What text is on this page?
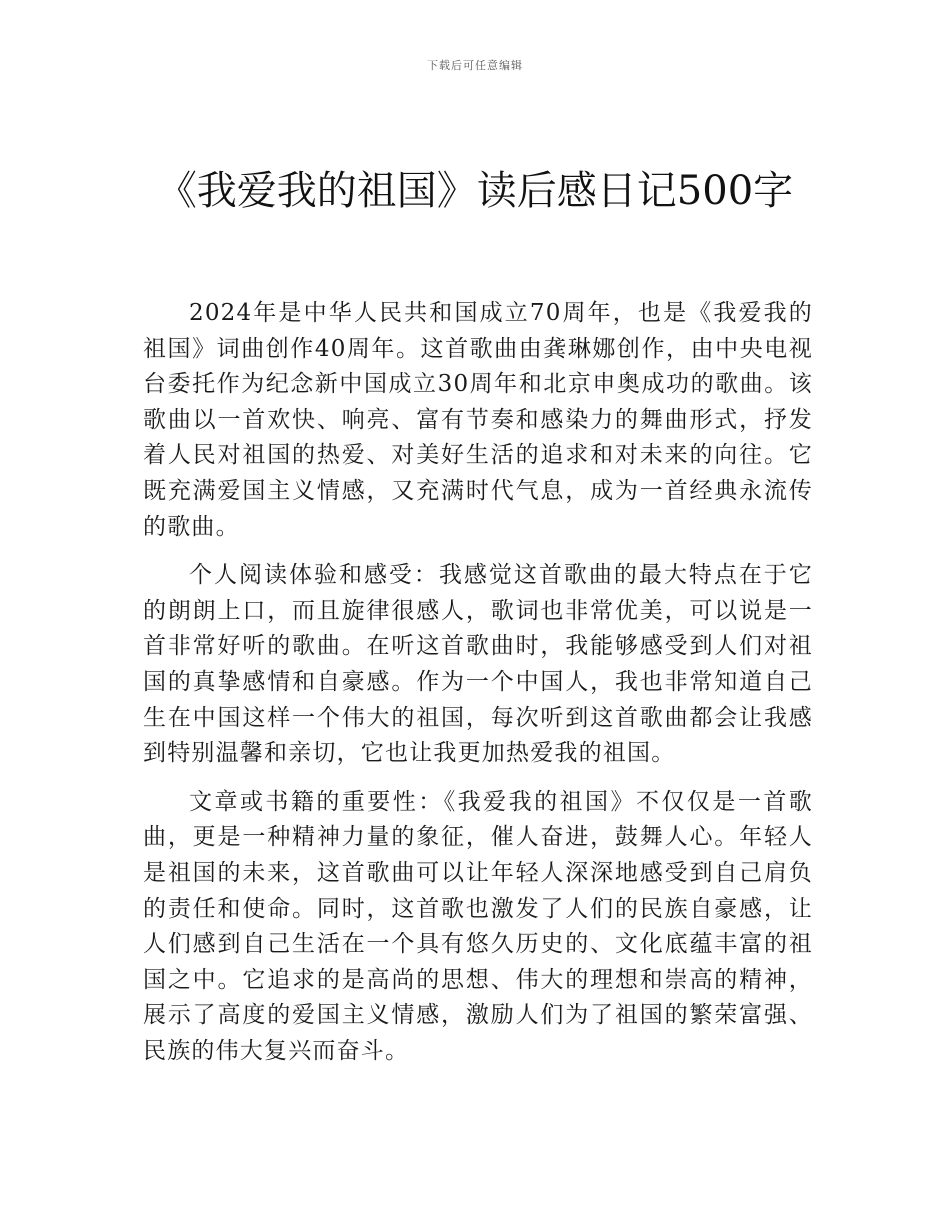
下载后可任意编辑
《我爱我的祖国》读后感日记500字

2024年是中华人民共和国成立70周年，也是《我爱我的祖国》词曲创作40周年。这首歌曲由龚琳娜创作，由中央电视台委托作为纪念新中国成立30周年和北京申奥成功的歌曲。该歌曲以一首欢快、响亮、富有节奏和感染力的舞曲形式，抒发着人民对祖国的热爱、对美好生活的追求和对未来的向往。它既充满爱国主义情感，又充满时代气息，成为一首经典永流传的歌曲。

个人阅读体验和感受：我感觉这首歌曲的最大特点在于它的朗朗上口，而且旋律很感人，歌词也非常优美，可以说是一首非常好听的歌曲。在听这首歌曲时，我能够感受到人们对祖国的真挚感情和自豪感。作为一个中国人，我也非常知道自己生在中国这样一个伟大的祖国，每次听到这首歌曲都会让我感到特别温馨和亲切，它也让我更加热爱我的祖国。

文章或书籍的重要性：《我爱我的祖国》不仅仅是一首歌曲，更是一种精神力量的象征，催人奋进，鼓舞人心。年轻人是祖国的未来，这首歌曲可以让年轻人深深地感受到自己肩负的责任和使命。同时，这首歌也激发了人们的民族自豪感，让人们感到自己生活在一个具有悠久历史的、文化底蕴丰富的祖国之中。它追求的是高尚的思想、伟大的理想和崇高的精神，展示了高度的爱国主义情感，激励人们为了祖国的繁荣富强、民族的伟大复兴而奋斗。
